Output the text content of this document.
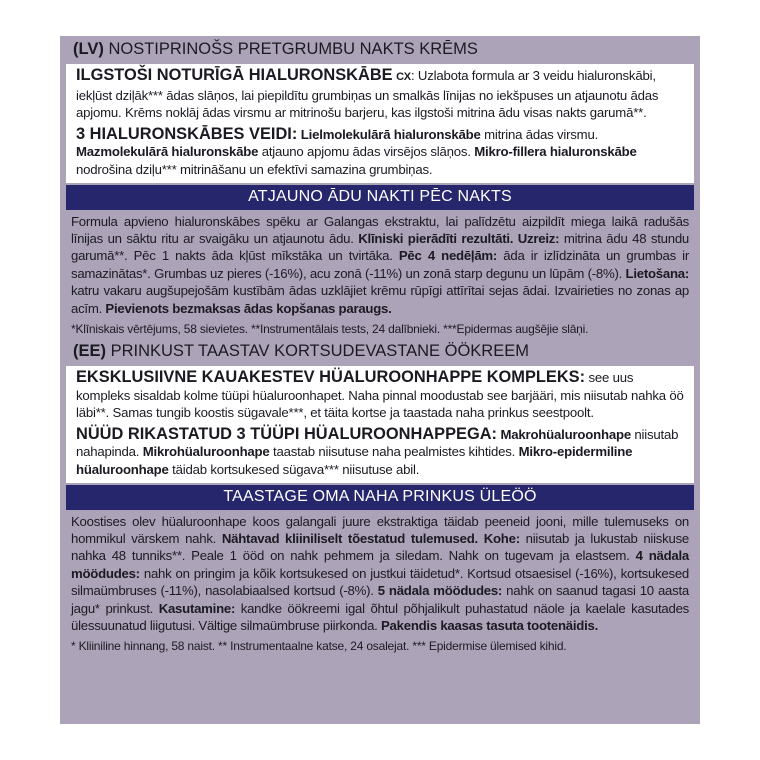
(LV) NOSTIPRINOŠS PRETGRUMBU NAKTS KRĒMS

ILGSTOŠI NOTURĪGĀ HIALURONSKĀBE CX: Uzlabota formula ar 3 veidu hialuronskābi, iekļūst dziļāk*** ādas slāņos, lai piepildītu grumbiņas un smalkās līnijas no iekšpuses un atjaunotu ādas apjomu. Krēms noklāj ādas virsmu ar mitrinošu barjeru, kas ilgstoši mitrina ādu visas nakts garumā**.

3 HIALURONSKĀBES VEIDI: Lielmolekulārā hialuronskābe mitrina ādas virsmu. Mazmolekulārā hialuronskābe atjauno apjomu ādas virsējos slāņos. Mikro-fillera hialuronskābe nodrošina dziļu*** mitrināšanu un efektīvi samazina grumbiņas.

ATJAUNO ĀDU NAKTI PĒC NAKTS
Formula apvieno hialuronskābes spēku ar Galangas ekstraktu, lai palīdzētu aizpildīt miega laikā radušās līnijas un sāktu ritu ar svaigāku un atjaunotu ādu. Klīniski pierādīti rezultāti. Uzreiz: mitrina ādu 48 stundu garumā**. Pēc 1 nakts āda kļūst mīkstāka un tvirtāka. Pēc 4 nedēļām: āda ir izlīdzināta un grumbas ir samazinātas*. Grumbas uz pieres (-16%), acu zonā (-11%) un zonā starp degunu un lūpām (-8%). Lietošana: katru vakaru augšupejošām kustībām ādas uzklājiet krēmu rūpīgi attīrītai sejas ādai. Izvairieties no zonas ap acīm. Pievienots bezmaksas ādas kopšanas paraugs.
*Klīniskais vērtējums, 58 sievietes. **Instrumentālais tests, 24 dalībnieki. ***Epidermas augšējie slāņi.
(EE) PRINKUST TAASTAV KORTSUDEVASTANE ÖÖKREEM

EKSKLUSIIVNE KAUAKESTEV HÜALUROONHAPPE KOMPLEKS: see uus kompleks sisaldab kolme tüüpi hüaluroonhapet. Naha pinnal moodustab see barjääri, mis niisutab nahka öö läbi**. Samas tungib koostis sügavale***, et täita kortse ja taastada naha prinkus seestpoolt.

NÜÜD RIKASTATUD 3 TÜÜPI HÜALUROONHAPPEGA: Makrohüaluroonhape niisutab nahapinda. Mikrohüaluroonhape taastab niisutuse naha pealmistes kihtides. Mikro-epidermiline hüaluroonhape täidab kortsukesed sügava*** niisutuse abil.

TAASTAGE OMA NAHA PRINKUS ÜLEÖÖ
Koostises olev hüaluroonhape koos galangali juure ekstraktiga täidab peeneid jooni, mille tulemuseks on hommikul värskem nahk. Nähtavad kliiniliselt tõestatud tulemused. Kohe: niisutab ja lukustab niiskuse nahka 48 tunniks**. Peale 1 ööd on nahk pehmem ja siledam. Nahk on tugevam ja elastsem. 4 nädala möödudes: nahk on pringim ja kõik kortsukesed on justkui täidetud*. Kortsud otsaesisel (-16%), kortsukesed silmaümbruses (-11%), nasolabiaalsed kortsud (-8%). 5 nädala möödudes: nahk on saanud tagasi 10 aasta jagu* prinkust. Kasutamine: kandke öökreemi igal õhtul põhjalikult puhastatud näole ja kaelale kasutades ülessuunatud liigutusi. Vältige silmaümbruse piirkonda. Pakendis kaasas tasuta tootenäidis.
* Kliiniline hinnang, 58 naist. ** Instrumentaalne katse, 24 osalejat. *** Epidermise ülemised kihid.
